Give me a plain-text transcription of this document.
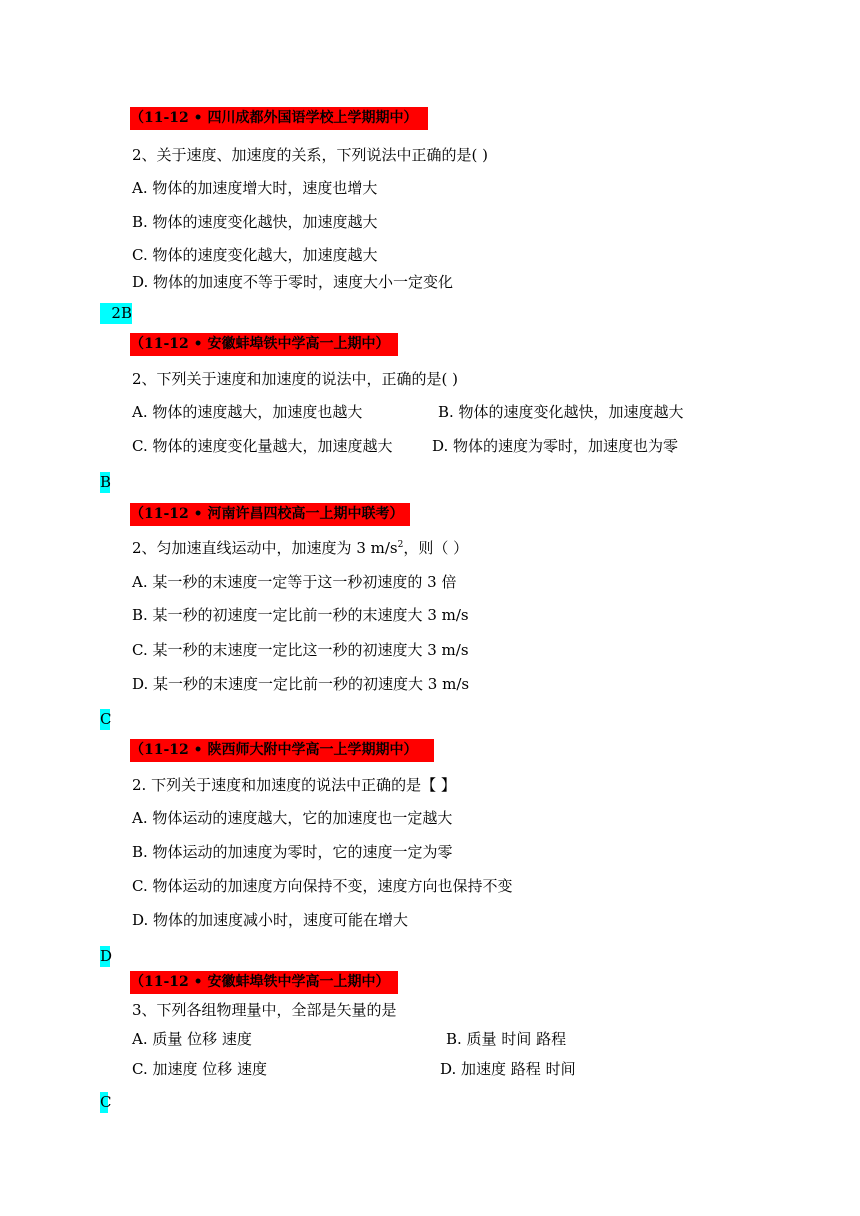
（11-12 • 四川成都外国语学校上学期期中）
2、关于速度、加速度的关系，下列说法中正确的是( )
A. 物体的加速度增大时，速度也增大
B. 物体的速度变化越快，加速度越大
C. 物体的速度变化越大，加速度越大
D. 物体的加速度不等于零时，速度大小一定变化
2B
（11-12 • 安徽蚌埠铁中学高一上期中）
2、下列关于速度和加速度的说法中，正确的是( )
A. 物体的速度越大，加速度也越大	B. 物体的速度变化越快，加速度越大
C. 物体的速度变化量越大，加速度越大	D. 物体的速度为零时，加速度也为零
B
（11-12 • 河南许昌四校高一上期中联考）
2、匀加速直线运动中，加速度为 3 $m/s^2$，则（ ）
A. 某一秒的末速度一定等于这一秒初速度的 3 倍
B. 某一秒的初速度一定比前一秒的末速度大 3 m/s
C. 某一秒的末速度一定比这一秒的初速度大 3 m/s
D. 某一秒的末速度一定比前一秒的初速度大 3 m/s
C
（11-12 • 陕西师大附中学高一上学期期中）
2. 下列关于速度和加速度的说法中正确的是【 】
A. 物体运动的速度越大，它的加速度也一定越大
B. 物体运动的加速度为零时，它的速度一定为零
C. 物体运动的加速度方向保持不变，速度方向也保持不变
D. 物体的加速度减小时，速度可能在增大
D
（11-12 • 安徽蚌埠铁中学高一上期中）
3、下列各组物理量中，全部是矢量的是
A. 质量 位移 速度	B. 质量 时间 路程
C. 加速度 位移 速度	D. 加速度 路程 时间
C
